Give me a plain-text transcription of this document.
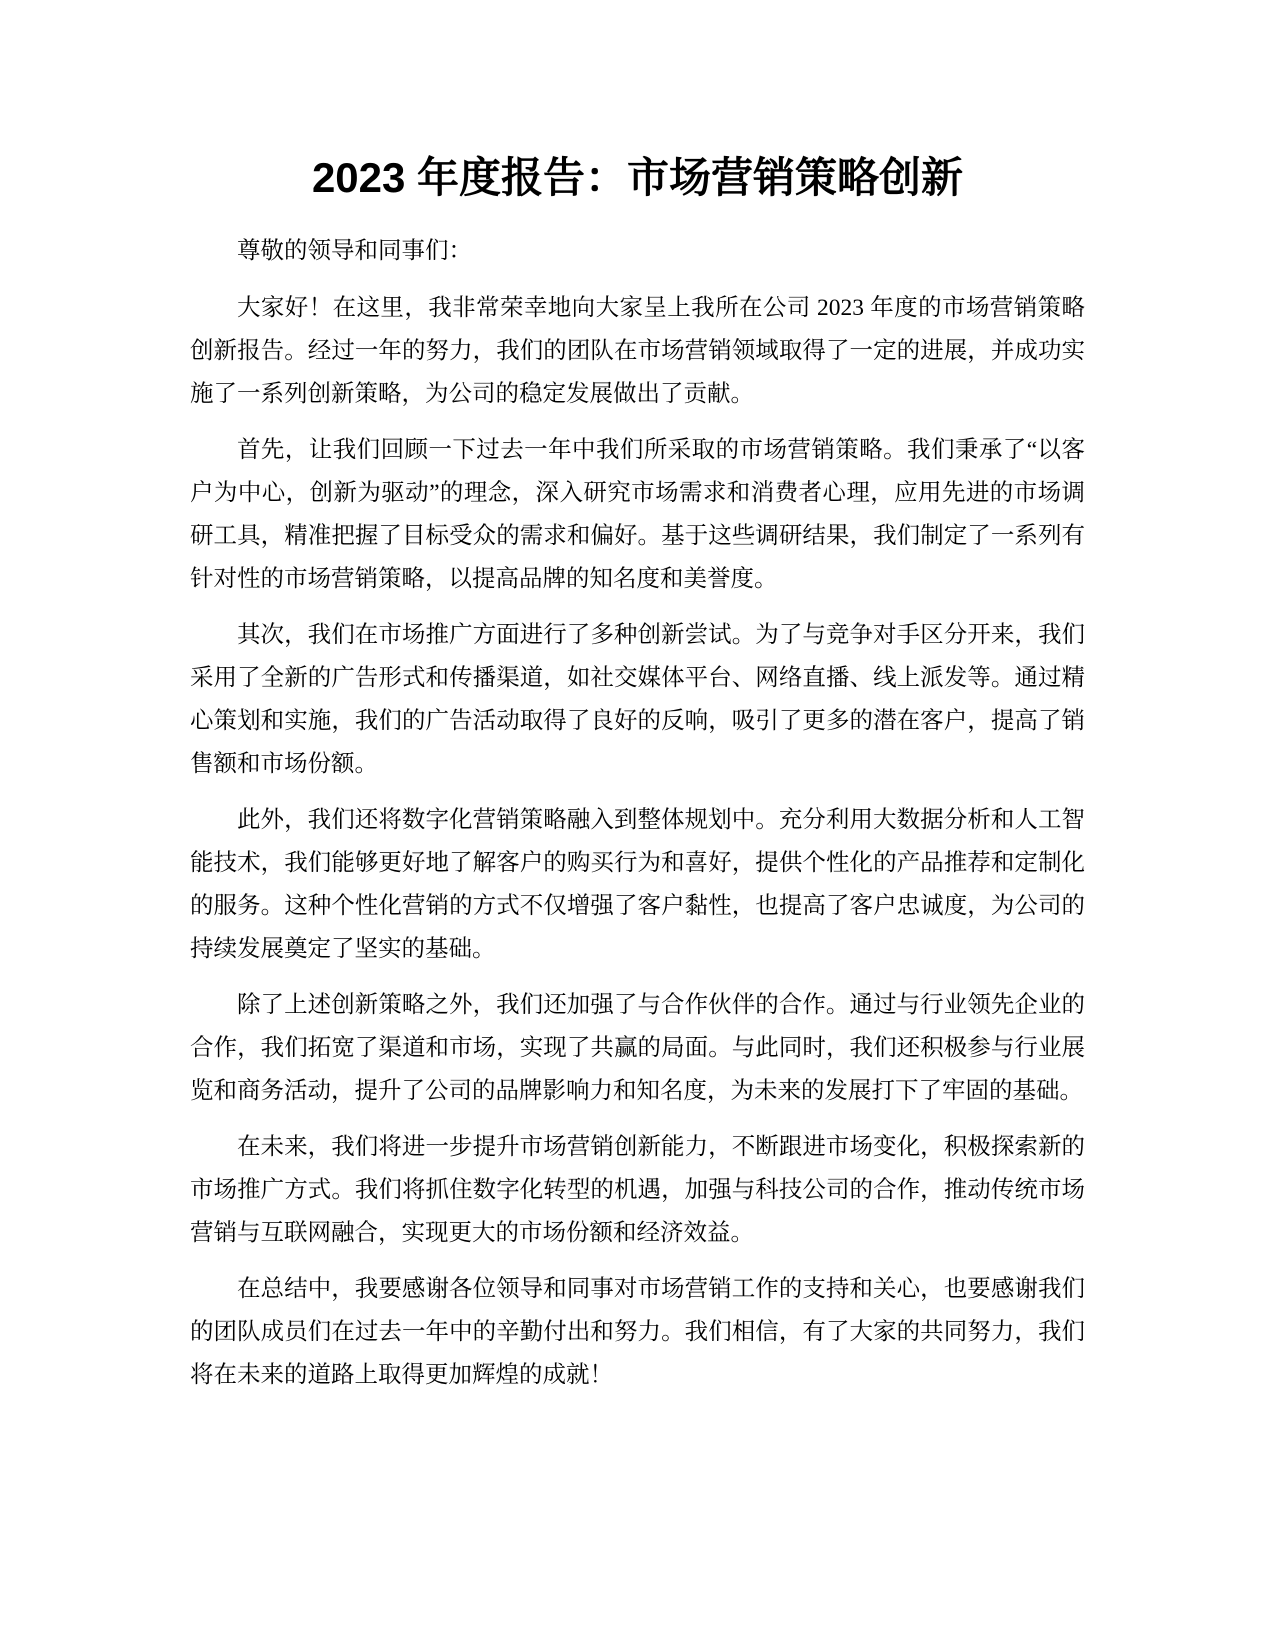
2023 年度报告：市场营销策略创新

尊敬的领导和同事们：

大家好！在这里，我非常荣幸地向大家呈上我所在公司 2023 年度的市场营销策略创新报告。经过一年的努力，我们的团队在市场营销领域取得了一定的进展，并成功实施了一系列创新策略，为公司的稳定发展做出了贡献。

首先，让我们回顾一下过去一年中我们所采取的市场营销策略。我们秉承了“以客户为中心，创新为驱动”的理念，深入研究市场需求和消费者心理，应用先进的市场调研工具，精准把握了目标受众的需求和偏好。基于这些调研结果，我们制定了一系列有针对性的市场营销策略，以提高品牌的知名度和美誉度。

其次，我们在市场推广方面进行了多种创新尝试。为了与竞争对手区分开来，我们采用了全新的广告形式和传播渠道，如社交媒体平台、网络直播、线上派发等。通过精心策划和实施，我们的广告活动取得了良好的反响，吸引了更多的潜在客户，提高了销售额和市场份额。

此外，我们还将数字化营销策略融入到整体规划中。充分利用大数据分析和人工智能技术，我们能够更好地了解客户的购买行为和喜好，提供个性化的产品推荐和定制化的服务。这种个性化营销的方式不仅增强了客户黏性，也提高了客户忠诚度，为公司的持续发展奠定了坚实的基础。

除了上述创新策略之外，我们还加强了与合作伙伴的合作。通过与行业领先企业的合作，我们拓宽了渠道和市场，实现了共赢的局面。与此同时，我们还积极参与行业展览和商务活动，提升了公司的品牌影响力和知名度，为未来的发展打下了牢固的基础。

在未来，我们将进一步提升市场营销创新能力，不断跟进市场变化，积极探索新的市场推广方式。我们将抓住数字化转型的机遇，加强与科技公司的合作，推动传统市场营销与互联网融合，实现更大的市场份额和经济效益。

在总结中，我要感谢各位领导和同事对市场营销工作的支持和关心，也要感谢我们的团队成员们在过去一年中的辛勤付出和努力。我们相信，有了大家的共同努力，我们将在未来的道路上取得更加辉煌的成就！
